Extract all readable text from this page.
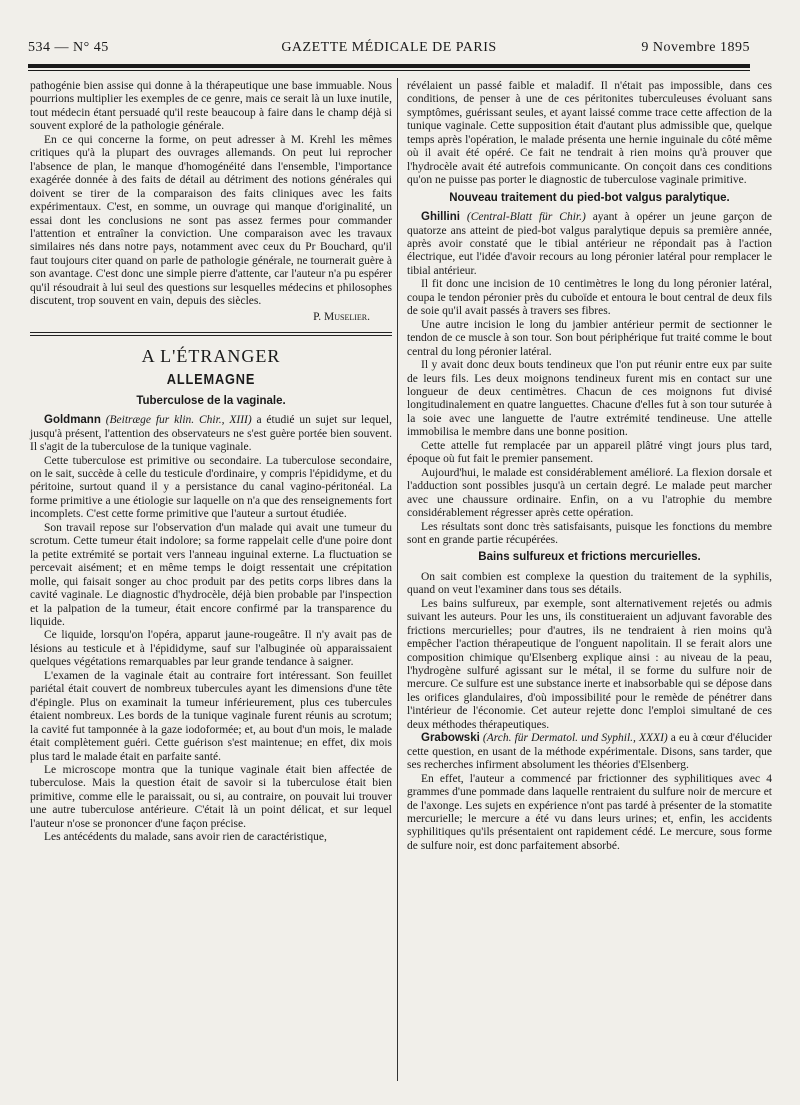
534 — N° 45	GAZETTE MÉDICALE DE PARIS	9 Novembre 1895

pathogénie bien assise qui donne à la thérapeutique une base immuable. Nous pourrions multiplier les exemples de ce genre, mais ce serait là un luxe inutile, tout médecin étant persuadé qu'il reste beaucoup à faire dans le champ déjà si souvent exploré de la pathologie générale.

En ce qui concerne la forme, on peut adresser à M. Krehl les mêmes critiques qu'à la plupart des ouvrages allemands. On peut lui reprocher l'absence de plan, le manque d'homogénéité dans l'ensemble, l'importance exagérée donnée à des faits de détail au détriment des notions générales qui doivent se tirer de la comparaison des faits cliniques avec les faits expérimentaux. C'est, en somme, un ouvrage qui manque d'originalité, un essai dont les conclusions ne sont pas assez fermes pour commander l'attention et entraîner la conviction. Une comparaison avec les travaux similaires nés dans notre pays, notamment avec ceux du Pr Bouchard, qu'il faut toujours citer quand on parle de pathologie générale, ne tournerait guère à son avantage. C'est donc une simple pierre d'attente, car l'auteur n'a pu espérer qu'il résoudrait à lui seul des questions sur lesquelles médecins et philosophes discutent, trop souvent en vain, depuis des siècles.

P. Muselier.
A L'ÉTRANGER
ALLEMAGNE
Tuberculose de la vaginale.

Goldmann (Beitræge fur klin. Chir., XIII) a étudié un sujet sur lequel, jusqu'à présent, l'attention des observateurs ne s'est guère portée bien souvent. Il s'agit de la tuberculose de la tunique vaginale.

Cette tuberculose est primitive ou secondaire. La tuberculose secondaire, on le sait, succède à celle du testicule d'ordinaire, y compris l'épididyme, et du péritoine, surtout quand il y a persistance du canal vagino-péritonéal. La forme primitive a une étiologie sur laquelle on n'a que des renseignements fort incomplets. C'est cette forme primitive que l'auteur a surtout étudiée.

Son travail repose sur l'observation d'un malade qui avait une tumeur du scrotum. Cette tumeur était indolore; sa forme rappelait celle d'une poire dont la petite extrémité se portait vers l'anneau inguinal externe. La fluctuation se percevait aisément; et en même temps le doigt ressentait une crépitation molle, qui faisait songer au choc produit par des petits corps libres dans la cavité vaginale. Le diagnostic d'hydrocèle, déjà bien probable par l'inspection et la palpation de la tumeur, était encore confirmé par la transparence du liquide.

Ce liquide, lorsqu'on l'opéra, apparut jaune-rougeâtre. Il n'y avait pas de lésions au testicule et à l'épididyme, sauf sur l'albuginée où apparaissaient quelques végétations remarquables par leur grande tendance à saigner.

L'examen de la vaginale était au contraire fort intéressant. Son feuillet pariétal était couvert de nombreux tubercules ayant les dimensions d'une tête d'épingle. Plus on examinait la tumeur inférieurement, plus ces tubercules étaient nombreux. Les bords de la tunique vaginale furent réunis au scrotum; la cavité fut tamponnée à la gaze iodoformée; et, au bout d'un mois, le malade était complètement guéri. Cette guérison s'est maintenue; en effet, dix mois plus tard le malade était en parfaite santé.

Le microscope montra que la tunique vaginale était bien affectée de tuberculose. Mais la question était de savoir si la tuberculose était bien primitive, comme elle le paraissait, ou si, au contraire, on pouvait lui trouver une autre tuberculose antérieure. C'était là un point délicat, et sur lequel l'auteur n'ose se prononcer d'une façon précise.

Les antécédents du malade, sans avoir rien de caractéristique,

révélaient un passé faible et maladif. Il n'était pas impossible, dans ces conditions, de penser à une de ces péritonites tuberculeuses évoluant sans symptômes, guérissant seules, et ayant laissé comme trace cette affection de la tunique vaginale. Cette supposition était d'autant plus admissible que, quelque temps après l'opération, le malade présenta une hernie inguinale du côté même où il avait été opéré. Ce fait ne tendrait à rien moins qu'à prouver que l'hydrocèle avait été autrefois communicante. On conçoit dans ces conditions qu'on ne puisse pas porter le diagnostic de tuberculose vaginale primitive.

Nouveau traitement du pied-bot valgus paralytique.

Ghillini (Central-Blatt für Chir.) ayant à opérer un jeune garçon de quatorze ans atteint de pied-bot valgus paralytique depuis sa première année, après avoir constaté que le tibial antérieur ne répondait pas à l'action électrique, eut l'idée d'avoir recours au long péronier latéral pour remplacer le tibial antérieur.

Il fit donc une incision de 10 centimètres le long du long péronier latéral, coupa le tendon péronier près du cuboïde et entoura le bout central de deux fils de soie qu'il avait passés à travers ses fibres.

Une autre incision le long du jambier antérieur permit de sectionner le tendon de ce muscle à son tour. Son bout périphérique fut traité comme le bout central du long péronier latéral.

Il y avait donc deux bouts tendineux que l'on put réunir entre eux par suite de leurs fils. Les deux moignons tendineux furent mis en contact sur une longueur de deux centimètres. Chacun de ces moignons fut divisé longitudinalement en quatre languettes. Chacune d'elles fut à son tour suturée à la soie avec une languette de l'autre extrémité tendineuse. Une attelle immobilisa le membre dans une bonne position.

Cette attelle fut remplacée par un appareil plâtré vingt jours plus tard, époque où fut fait le premier pansement.

Aujourd'hui, le malade est considérablement amélioré. La flexion dorsale et l'adduction sont possibles jusqu'à un certain degré. Le malade peut marcher avec une chaussure ordinaire. Enfin, on a vu l'atrophie du membre considérablement régresser après cette opération.

Les résultats sont donc très satisfaisants, puisque les fonctions du membre sont en grande partie récupérées.

Bains sulfureux et frictions mercurielles.

On sait combien est complexe la question du traitement de la syphilis, quand on veut l'examiner dans tous ses détails.

Les bains sulfureux, par exemple, sont alternativement rejetés ou admis suivant les auteurs. Pour les uns, ils constitueraient un adjuvant favorable des frictions mercurielles; pour d'autres, ils ne tendraient à rien moins qu'à empêcher l'action thérapeutique de l'onguent napolitain. Il se ferait alors une composition chimique qu'Elsenberg explique ainsi : au niveau de la peau, l'hydrogène sulfuré agissant sur le métal, il se forme du sulfure noir de mercure. Ce sulfure est une substance inerte et inabsorbable qui se dépose dans les orifices glandulaires, d'où impossibilité pour le remède de pénétrer dans l'intérieur de l'économie. Cet auteur rejette donc l'emploi simultané de ces deux méthodes thérapeutiques.

Grabowski (Arch. für Dermatol. und Syphil., XXXI) a eu à cœur d'élucider cette question, en usant de la méthode expérimentale. Disons, sans tarder, que ses recherches infirment absolument les théories d'Elsenberg.

En effet, l'auteur a commencé par frictionner des syphilitiques avec 4 grammes d'une pommade dans laquelle rentraient du sulfure noir de mercure et de l'axonge. Les sujets en expérience n'ont pas tardé à présenter de la stomatite mercurielle; le mercure a été vu dans leurs urines; et, enfin, les accidents syphilitiques qu'ils présentaient ont rapidement cédé. Le mercure, sous forme de sulfure noir, est donc parfaitement absorbé.
